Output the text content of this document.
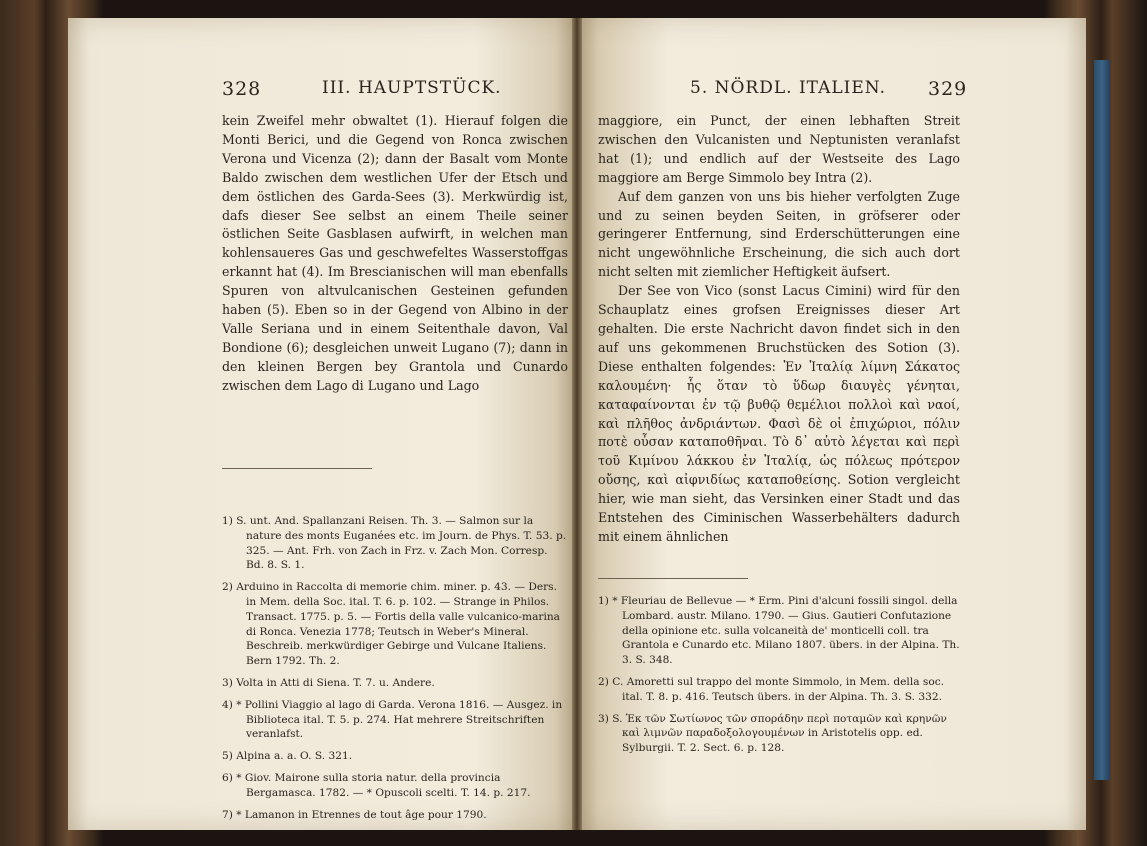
328	III. HAUPTSTÜCK.

kein Zweifel mehr obwaltet (1). Hierauf folgen die Monti Berici, und die Gegend von Ronca zwischen Verona und Vicenza (2); dann der Basalt vom Monte Baldo zwischen dem westlichen Ufer der Etsch und dem östlichen des Garda-Sees (3). Merkwürdig ist, dafs dieser See selbst an einem Theile seiner östlichen Seite Gasblasen aufwirft, in welchen man kohlensaueres Gas und geschwefeltes Wasserstoffgas erkannt hat (4). Im Brescianischen will man ebenfalls Spuren von altvulcanischen Gesteinen gefunden haben (5). Eben so in der Gegend von Albino in der Valle Seriana und in einem Seitenthale davon, Val Bondione (6); desgleichen unweit Lugano (7); dann in den kleinen Bergen bey Grantola und Cunardo zwischen dem Lago di Lugano und Lago

1) S. unt. And. Spallanzani Reisen. Th. 3. — Salmon sur la nature des monts Euganées etc. im Journ. de Phys. T. 53. p. 325. — Ant. Frh. von Zach in Frz. v. Zach Mon. Corresp. Bd. 8. S. 1.
2) Arduino in Raccolta di memorie chim. miner. p. 43. — Ders. in Mem. della Soc. ital. T. 6. p. 102. — Strange in Philos. Transact. 1775. p. 5. — Fortis della valle vulcanico-marina di Ronca. Venezia 1778; Teutsch in Weber's Mineral. Beschreib. merkwürdiger Gebirge und Vulcane Italiens. Bern 1792. Th. 2.
3) Volta in Atti di Siena. T. 7. u. Andere.
4) * Pollini Viaggio al lago di Garda. Verona 1816. — Ausgez. in Biblioteca ital. T. 5. p. 274. Hat mehrere Streitschriften veranlafst.
5) Alpina a. a. O. S. 321.
6) * Giov. Mairone sulla storia natur. della provincia Bergamasca. 1782. — * Opuscoli scelti. T. 14. p. 217.
7) * Lamanon in Etrennes de tout âge pour 1790.
5. NÖRDL. ITALIEN. 329

maggiore, ein Punct, der einen lebhaften Streit zwischen den Vulcanisten und Neptunisten veranlafst hat (1); und endlich auf der Westseite des Lago maggiore am Berge Simmolo bey Intra (2).

Auf dem ganzen von uns bis hieher verfolgten Zuge und zu seinen beyden Seiten, in gröfserer oder geringerer Entfernung, sind Erderschütterungen eine nicht ungewöhnliche Erscheinung, die sich auch dort nicht selten mit ziemlicher Heftigkeit äufsert.

Der See von Vico (sonst Lacus Cimini) wird für den Schauplatz eines grofsen Ereignisses dieser Art gehalten. Die erste Nachricht davon findet sich in den auf uns gekommenen Bruchstücken des Sotion (3). Diese enthalten folgendes: Ἐν Ἰταλίᾳ λίμνη Σάκατος καλουμένη· ἧς ὅταν τὸ ὕδωρ διαυγὲς γένηται, καταφαίνονται ἐν τῷ βυθῷ θεμέλιοι πολλοὶ καὶ ναοί, καὶ πλῆθος ἀνδριάντων. Φασὶ δὲ οἱ ἐπιχώριοι, πόλιν ποτὲ οὖσαν καταποθῆναι. Τὸ δ᾽ αὐτὸ λέγεται καὶ περὶ τοῦ Κιμίνου λάκκου ἐν Ἰταλίᾳ, ὡς πόλεως πρότερον οὔσης, καὶ αἰφνιδίως καταποθείσης. Sotion vergleicht hier, wie man sieht, das Versinken einer Stadt und das Entstehen des Ciminischen Wasserbehälters dadurch mit einem ähnlichen

1) * Fleuriau de Bellevue — * Erm. Pini d'alcuni fossili singol. della Lombard. austr. Milano. 1790. — Gius. Gautieri Confutazione della opinione etc. sulla volcaneità de' monticelli coll. tra Grantola e Cunardo etc. Milano 1807. übers. in der Alpina. Th. 3. S. 348.
2) C. Amoretti sul trappo del monte Simmolo, in Mem. della soc. ital. T. 8. p. 416. Teutsch übers. in der Alpina. Th. 3. S. 332.
3) S. Ἐκ τῶν Σωτίωνος τῶν σποράδην περὶ ποταμῶν καὶ κρηνῶν καὶ λιμνῶν παραδοξολογουμένων in Aristotelis opp. ed. Sylburgii. T. 2. Sect. 6. p. 128.
